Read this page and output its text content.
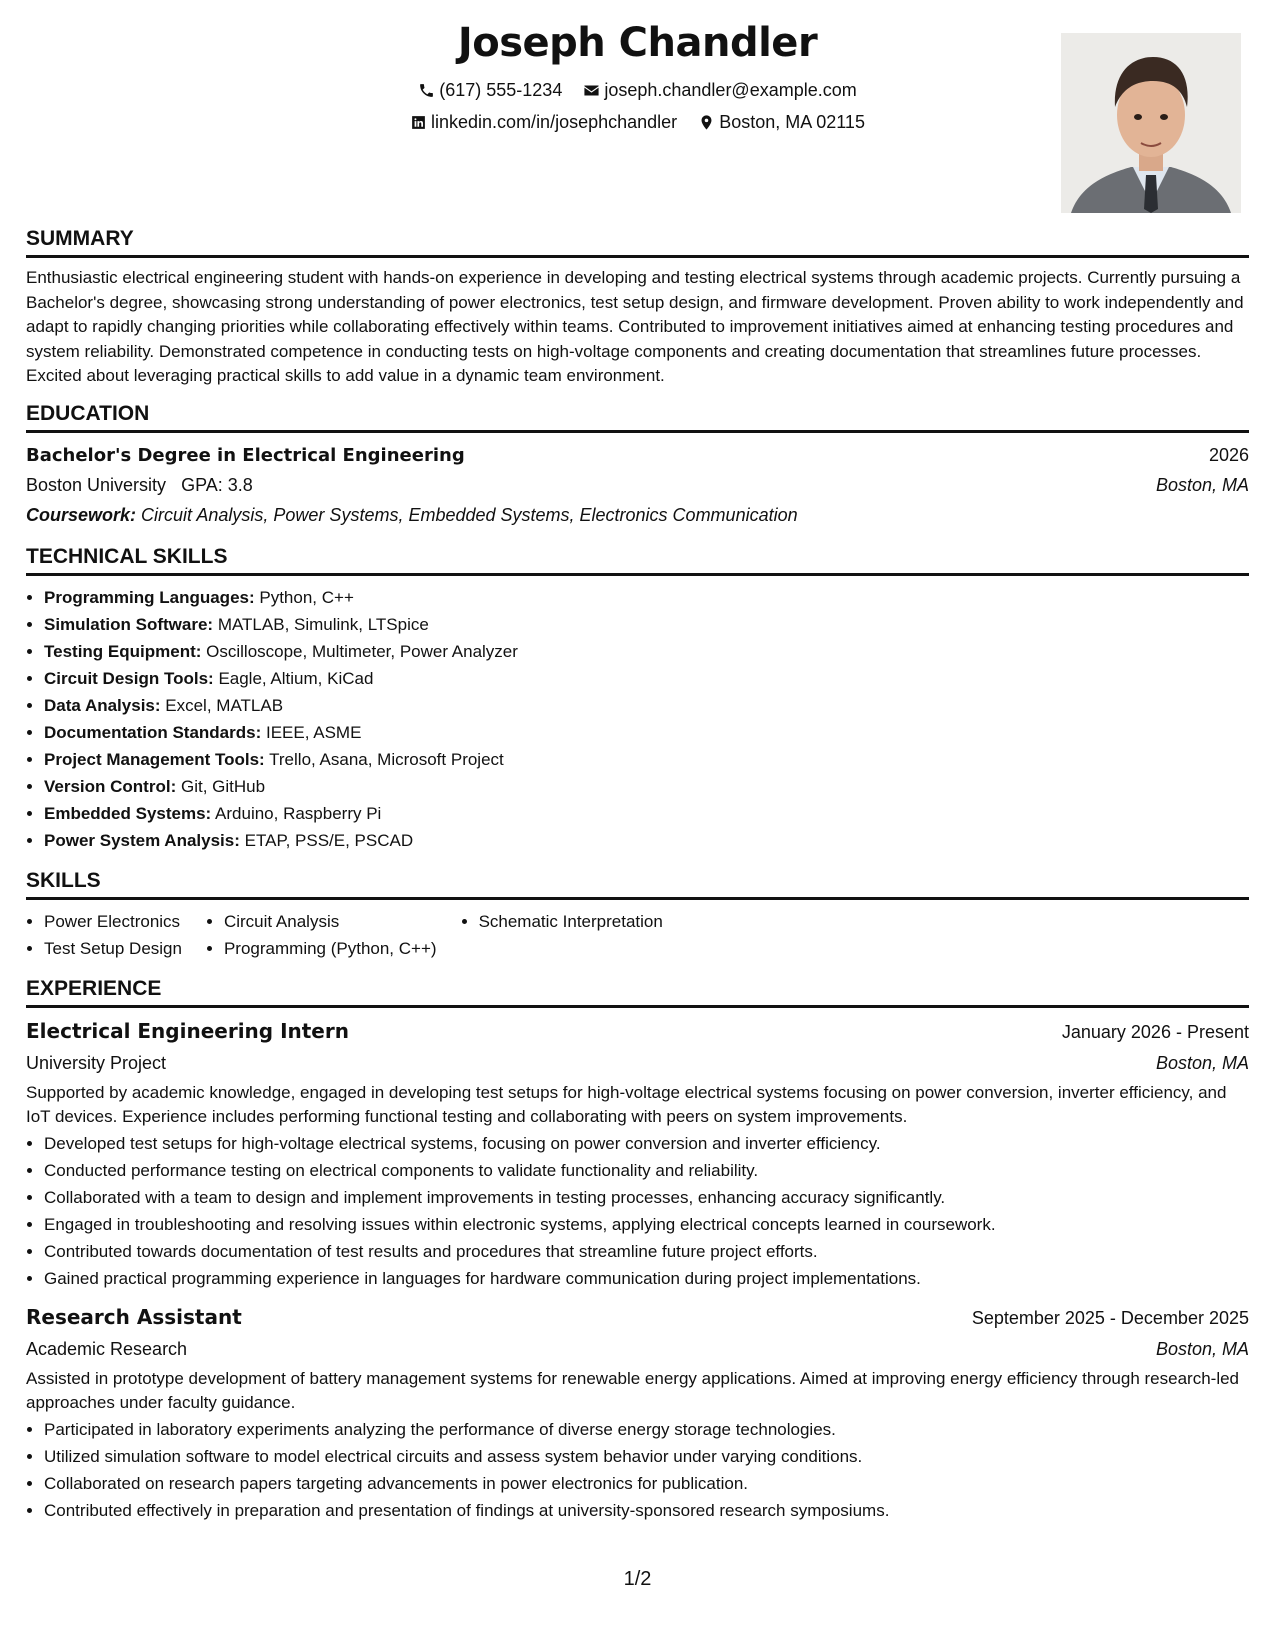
Joseph Chandler
(617) 555-1234
joseph.chandler@example.com
linkedin.com/in/josephchandler
Boston, MA 02115
SUMMARY
Enthusiastic electrical engineering student with hands-on experience in developing and testing electrical systems through academic projects. Currently pursuing a Bachelor's degree, showcasing strong understanding of power electronics, test setup design, and firmware development. Proven ability to work independently and adapt to rapidly changing priorities while collaborating effectively within teams. Contributed to improvement initiatives aimed at enhancing testing procedures and system reliability. Demonstrated competence in conducting tests on high-voltage components and creating documentation that streamlines future processes. Excited about leveraging practical skills to add value in a dynamic team environment.
EDUCATION
Bachelor's Degree in Electrical Engineering	2026
Boston University GPA: 3.8	Boston, MA
Coursework: Circuit Analysis, Power Systems, Embedded Systems, Electronics Communication
TECHNICAL SKILLS
• Programming Languages: Python, C++
• Simulation Software: MATLAB, Simulink, LTSpice
• Testing Equipment: Oscilloscope, Multimeter, Power Analyzer
• Circuit Design Tools: Eagle, Altium, KiCad
• Data Analysis: Excel, MATLAB
• Documentation Standards: IEEE, ASME
• Project Management Tools: Trello, Asana, Microsoft Project
• Version Control: Git, GitHub
• Embedded Systems: Arduino, Raspberry Pi
• Power System Analysis: ETAP, PSS/E, PSCAD
SKILLS
• Power Electronics
• Test Setup Design
• Circuit Analysis
• Programming (Python, C++)
• Schematic Interpretation
EXPERIENCE
Electrical Engineering Intern	January 2026 - Present
University Project	Boston, MA
Supported by academic knowledge, engaged in developing test setups for high-voltage electrical systems focusing on power conversion, inverter efficiency, and IoT devices. Experience includes performing functional testing and collaborating with peers on system improvements.
• Developed test setups for high-voltage electrical systems, focusing on power conversion and inverter efficiency.
• Conducted performance testing on electrical components to validate functionality and reliability.
• Collaborated with a team to design and implement improvements in testing processes, enhancing accuracy significantly.
• Engaged in troubleshooting and resolving issues within electronic systems, applying electrical concepts learned in coursework.
• Contributed towards documentation of test results and procedures that streamline future project efforts.
• Gained practical programming experience in languages for hardware communication during project implementations.
Research Assistant	September 2025 - December 2025
Academic Research	Boston, MA
Assisted in prototype development of battery management systems for renewable energy applications. Aimed at improving energy efficiency through research-led approaches under faculty guidance.
• Participated in laboratory experiments analyzing the performance of diverse energy storage technologies.
• Utilized simulation software to model electrical circuits and assess system behavior under varying conditions.
• Collaborated on research papers targeting advancements in power electronics for publication.
• Contributed effectively in preparation and presentation of findings at university-sponsored research symposiums.
1/2
